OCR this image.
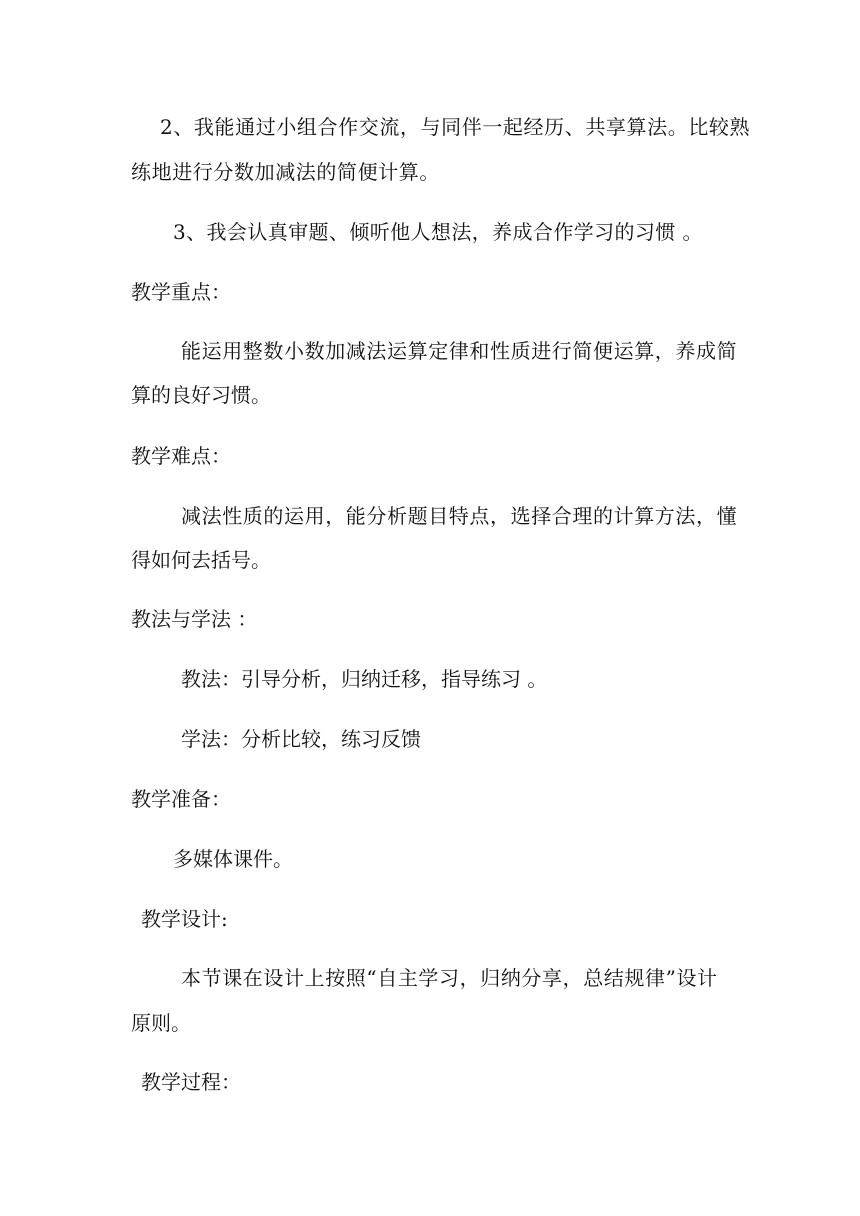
2、我能通过小组合作交流，与同伴一起经历、共享算法。比较熟
练地进行分数加减法的简便计算。
3、我会认真审题、倾听他人想法，养成合作学习的习惯 。
教学重点：
能运用整数小数加减法运算定律和性质进行简便运算，养成简
算的良好习惯。
教学难点：
减法性质的运用，能分析题目特点，选择合理的计算方法，懂
得如何去括号。
教法与学法 ：
教法：引导分析，归纳迁移，指导练习 。
学法：分析比较，练习反馈
教学准备：
多媒体课件。
教学设计:
本节课在设计上按照“自主学习，归纳分享，总结规律”设计
原则。
教学过程：
